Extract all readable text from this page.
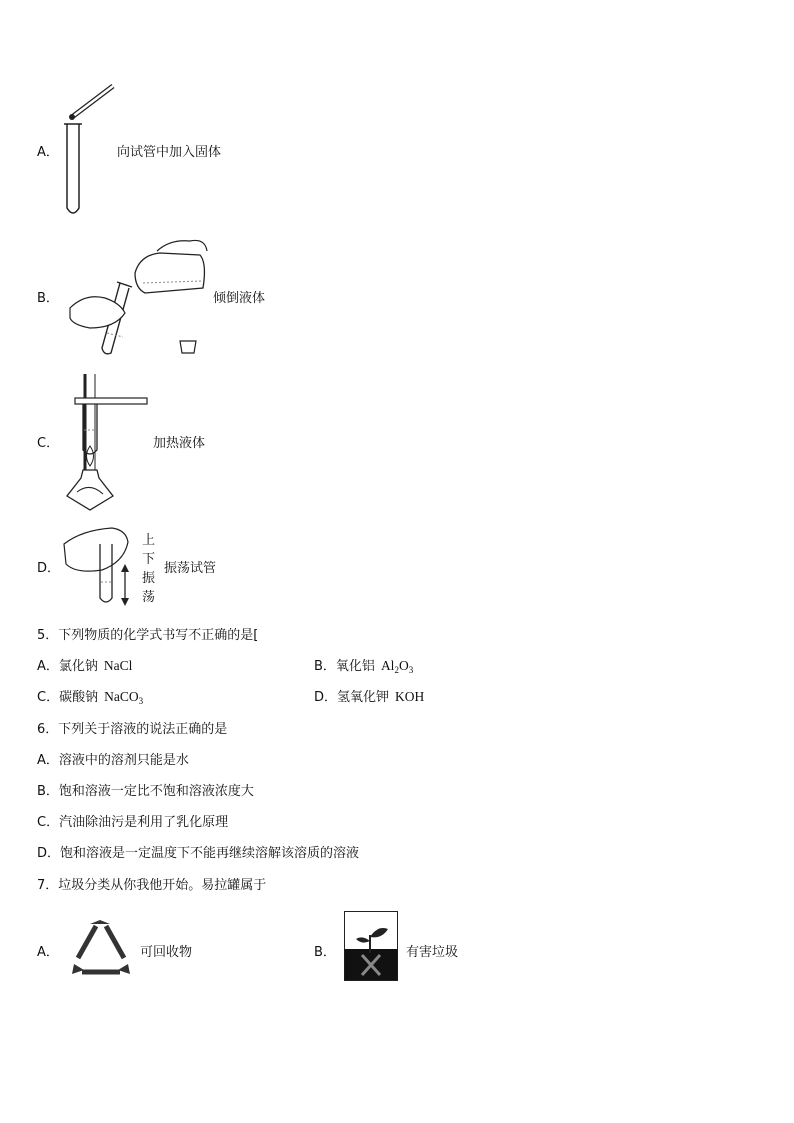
A．	向试管中加入固体
B．	倾倒液体
C．	加热液体
D．
上
下
振
荡
振荡试管
5．下列物质的化学式书写不正确的是[
A．氯化钠 NaCl	B．氧化铝 $Al_2O_3$
C．碳酸钠 NaCO$_3$	D．氢氧化钾 KOH
6．下列关于溶液的说法正确的是
A．溶液中的溶剂只能是水
B．饱和溶液一定比不饱和溶液浓度大
C．汽油除油污是利用了乳化原理
D．饱和溶液是一定温度下不能再继续溶解该溶质的溶液
7．垃圾分类从你我他开始。易拉罐属于
A．	可回收物	B．	有害垃圾
